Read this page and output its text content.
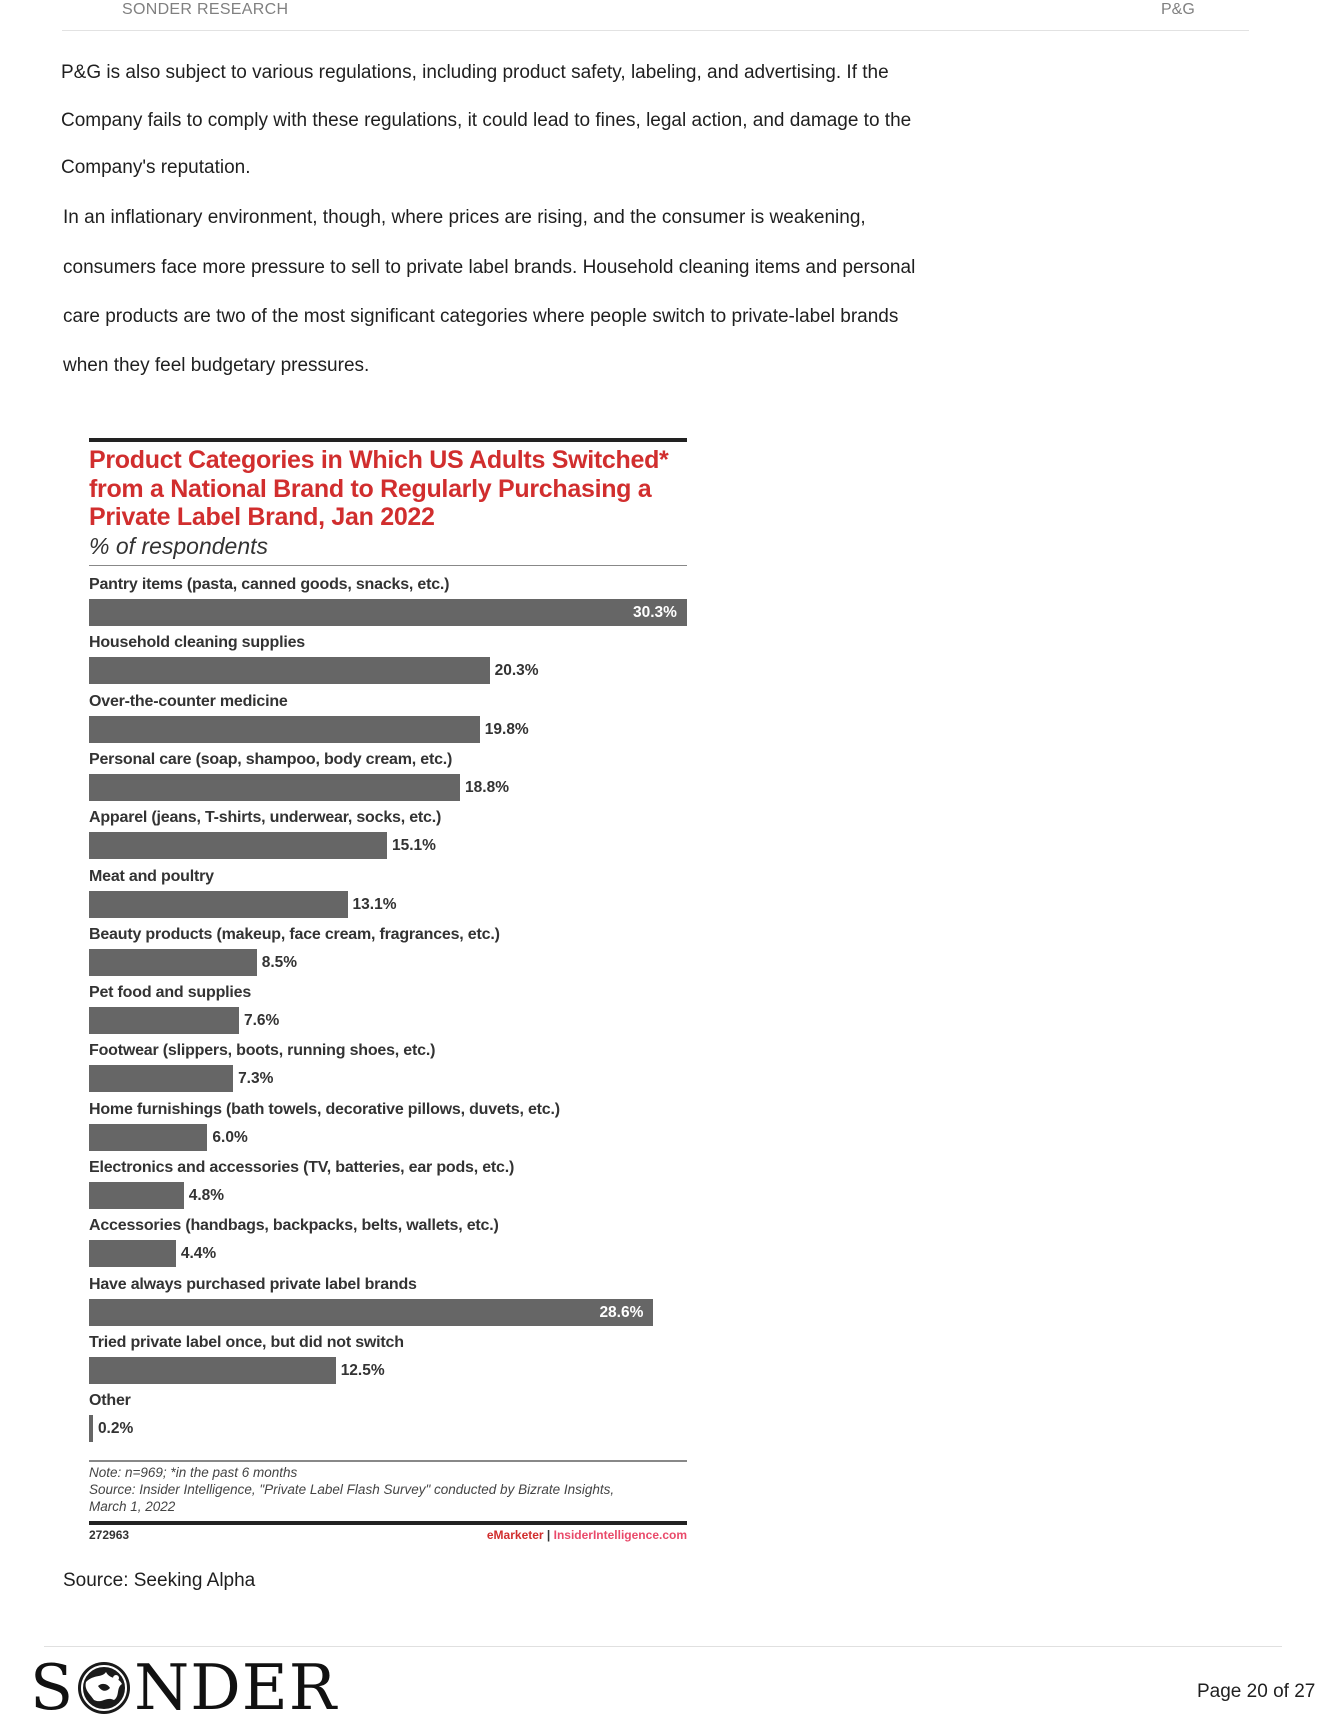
SONDER RESEARCH	P&G
P&G is also subject to various regulations, including product safety, labeling, and advertising. If the
Company fails to comply with these regulations, it could lead to fines, legal action, and damage to the
Company's reputation.
In an inflationary environment, though, where prices are rising, and the consumer is weakening,
consumers face more pressure to sell to private label brands. Household cleaning items and personal
care products are two of the most significant categories where people switch to private-label brands
when they feel budgetary pressures.
Product Categories in Which US Adults Switched*
from a National Brand to Regularly Purchasing a
Private Label Brand, Jan 2022
% of respondents
Pantry items (pasta, canned goods, snacks, etc.)
30.3%
Household cleaning supplies
20.3%
Over-the-counter medicine
19.8%
Personal care (soap, shampoo, body cream, etc.)
18.8%
Apparel (jeans, T-shirts, underwear, socks, etc.)
15.1%
Meat and poultry
13.1%
Beauty products (makeup, face cream, fragrances, etc.)
8.5%
Pet food and supplies
7.6%
Footwear (slippers, boots, running shoes, etc.)
7.3%
Home furnishings (bath towels, decorative pillows, duvets, etc.)
6.0%
Electronics and accessories (TV, batteries, ear pods, etc.)
4.8%
Accessories (handbags, backpacks, belts, wallets, etc.)
4.4%
Have always purchased private label brands
28.6%
Tried private label once, but did not switch
12.5%
Other
0.2%
Note: n=969; *in the past 6 months
Source: Insider Intelligence, "Private Label Flash Survey" conducted by Bizrate Insights,
March 1, 2022
272963	eMarketer | InsiderIntelligence.com
Source: Seeking Alpha
S NDER	Page 20 of 27
